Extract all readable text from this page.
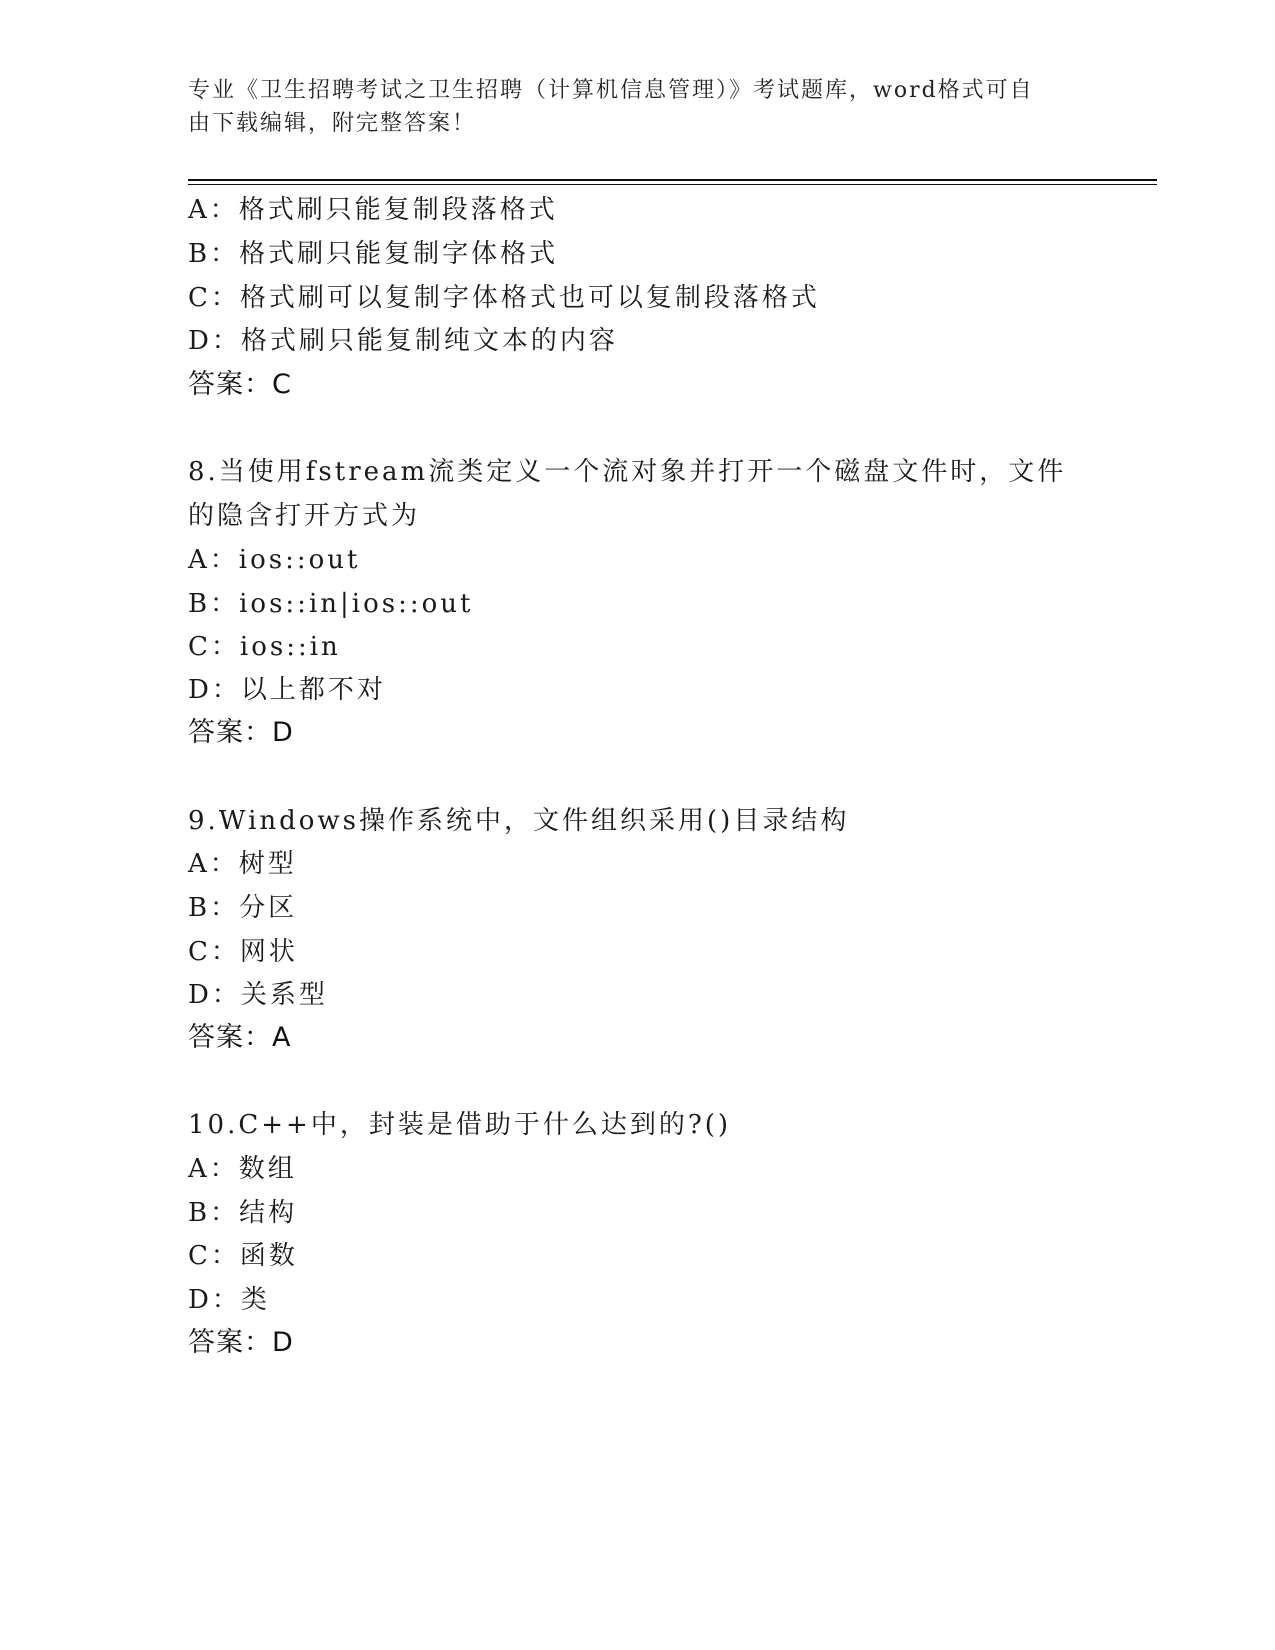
专业《卫生招聘考试之卫生招聘（计算机信息管理）》考试题库，word格式可自
由下载编辑，附完整答案！
A：格式刷只能复制段落格式
B：格式刷只能复制字体格式
C：格式刷可以复制字体格式也可以复制段落格式
D：格式刷只能复制纯文本的内容
答案：C
8.当使用fstream流类定义一个流对象并打开一个磁盘文件时，文件
的隐含打开方式为
A：ios::out
B：ios::in|ios::out
C：ios::in
D：以上都不对
答案：D
9.Windows操作系统中，文件组织采用()目录结构
A：树型
B：分区
C：网状
D：关系型
答案：A
10.C++中，封装是借助于什么达到的?()
A：数组
B：结构
C：函数
D：类
答案：D
